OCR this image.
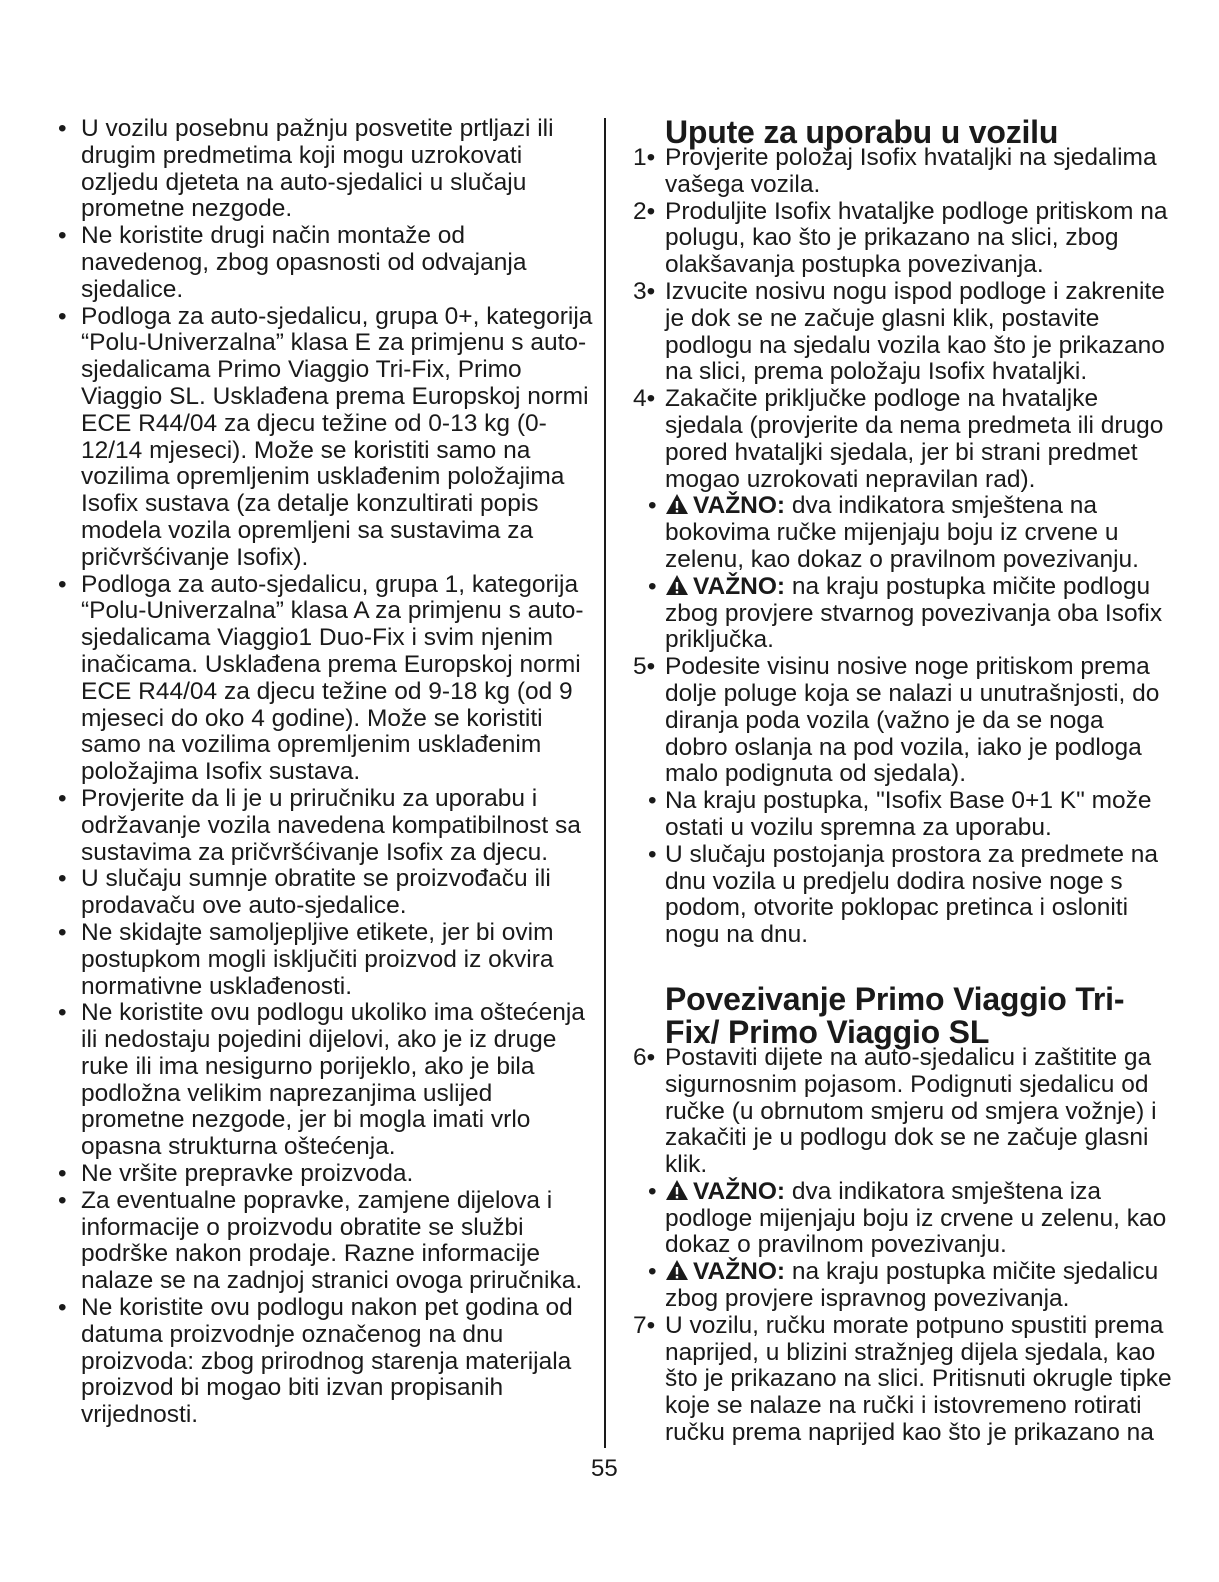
• U vozilu posebnu pažnju posvetite prtljazi ili drugim predmetima koji mogu uzrokovati ozljedu djeteta na auto-sjedalici u slučaju prometne nezgode.
• Ne koristite drugi način montaže od navedenog, zbog opasnosti od odvajanja sjedalice.
• Podloga za auto-sjedalicu, grupa 0+, kategorija “Polu-Univerzalna” klasa E za primjenu s auto-sjedalicama Primo Viaggio Tri-Fix, Primo Viaggio SL. Usklađena prema Europskoj normi ECE R44/04 za djecu težine od 0-13 kg (0-12/14 mjeseci). Može se koristiti samo na vozilima opremljenim usklađenim položajima Isofix sustava (za detalje konzultirati popis modela vozila opremljeni sa sustavima za pričvršćivanje Isofix).
• Podloga za auto-sjedalicu, grupa 1, kategorija “Polu-Univerzalna” klasa A za primjenu s auto-sjedalicama Viaggio1 Duo-Fix i svim njenim inačicama. Usklađena prema Europskoj normi ECE R44/04 za djecu težine od 9-18 kg (od 9 mjeseci do oko 4 godine). Može se koristiti samo na vozilima opremljenim usklađenim položajima Isofix sustava.
• Provjerite da li je u priručniku za uporabu i održavanje vozila navedena kompatibilnost sa sustavima za pričvršćivanje Isofix za djecu.
• U slučaju sumnje obratite se proizvođaču ili prodavaču ove auto-sjedalice.
• Ne skidajte samoljepljive etikete, jer bi ovim postupkom mogli isključiti proizvod iz okvira normativne usklađenosti.
• Ne koristite ovu podlogu ukoliko ima oštećenja ili nedostaju pojedini dijelovi, ako je iz druge ruke ili ima nesigurno porijeklo, ako je bila podložna velikim naprezanjima uslijed prometne nezgode, jer bi mogla imati vrlo opasna strukturna oštećenja.
• Ne vršite prepravke proizvoda.
• Za eventualne popravke, zamjene dijelova i informacije o proizvodu obratite se službi podrške nakon prodaje. Razne informacije nalaze se na zadnjoj stranici ovoga priručnika.
• Ne koristite ovu podlogu nakon pet godina od datuma proizvodnje označenog na dnu proizvoda: zbog prirodnog starenja materijala proizvod bi mogao biti izvan propisanih vrijednosti.
Upute za uporabu u vozilu
1• Provjerite položaj Isofix hvataljki na sjedalima vašega vozila.
2• Produljite Isofix hvataljke podloge pritiskom na polugu, kao što je prikazano na slici, zbog olakšavanja postupka povezivanja.
3• Izvucite nosivu nogu ispod podloge i zakrenite je dok se ne začuje glasni klik, postavite podlogu na sjedalu vozila kao što je prikazano na slici, prema položaju Isofix hvataljki.
4• Zakačite priključke podloge na hvataljke sjedala (provjerite da nema predmeta ili drugo pored hvataljki sjedala, jer bi strani predmet mogao uzrokovati nepravilan rad).
• VAŽNO: dva indikatora smještena na bokovima ručke mijenjaju boju iz crvene u zelenu, kao dokaz o pravilnom povezivanju.
• VAŽNO: na kraju postupka mičite podlogu zbog provjere stvarnog povezivanja oba Isofix priključka.
5• Podesite visinu nosive noge pritiskom prema dolje poluge koja se nalazi u unutrašnjosti, do diranja poda vozila (važno je da se noga dobro oslanja na pod vozila, iako je podloga malo podignuta od sjedala).
• Na kraju postupka, "Isofix Base 0+1 K" može ostati u vozilu spremna za uporabu.
• U slučaju postojanja prostora za predmete na dnu vozila u predjelu dodira nosive noge s podom, otvorite poklopac pretinca i osloniti nogu na dnu.
Povezivanje Primo Viaggio Tri-Fix/ Primo Viaggio SL
6• Postaviti dijete na auto-sjedalicu i zaštitite ga sigurnosnim pojasom. Podignuti sjedalicu od ručke (u obrnutom smjeru od smjera vožnje) i zakačiti je u podlogu dok se ne začuje glasni klik.
• VAŽNO: dva indikatora smještena iza podloge mijenjaju boju iz crvene u zelenu, kao dokaz o pravilnom povezivanju.
• VAŽNO: na kraju postupka mičite sjedalicu zbog provjere ispravnog povezivanja.
7• U vozilu, ručku morate potpuno spustiti prema naprijed, u blizini stražnjeg dijela sjedala, kao što je prikazano na slici. Pritisnuti okrugle tipke koje se nalaze na ručki i istovremeno rotirati ručku prema naprijed kao što je prikazano na
55
